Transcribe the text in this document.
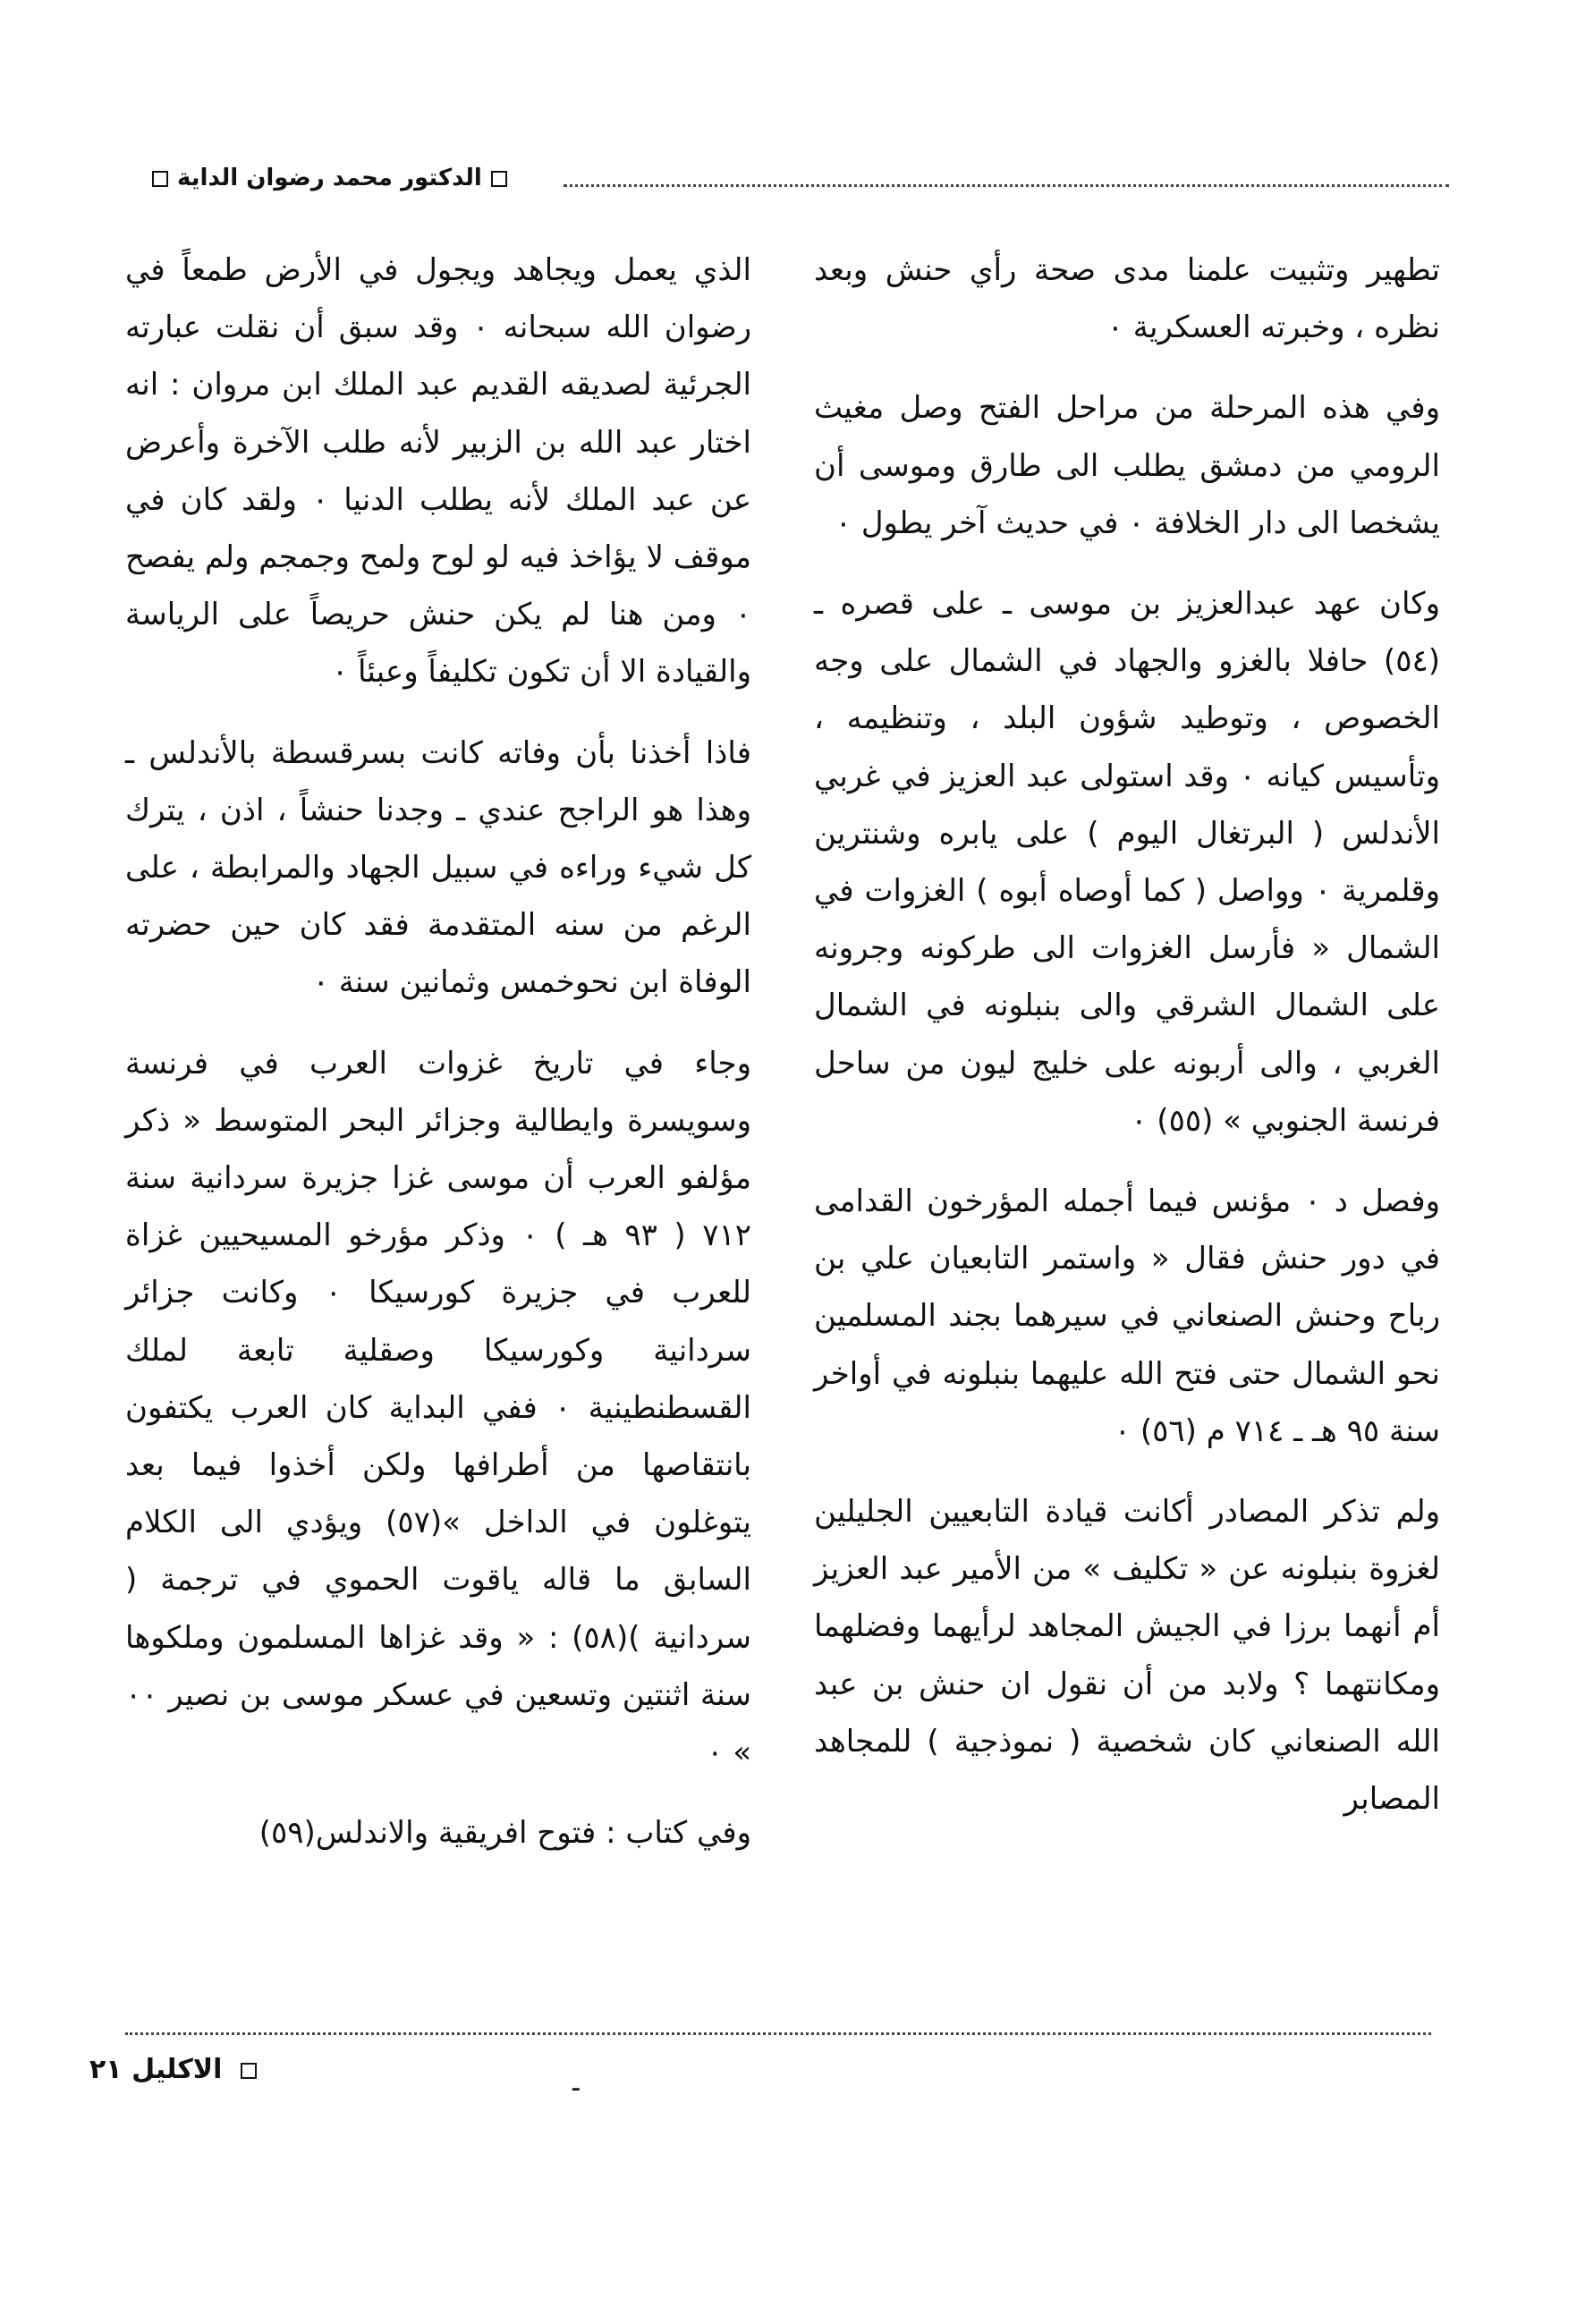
الدكتور محمد رضوان الداية

تطهير وتثبيت علمنا مدى صحة رأي حنش وبعد نظره ، وخبرته العسكرية ٠

وفي هذه المرحلة من مراحل الفتح وصل مغيث الرومي من دمشق يطلب الى طارق وموسى أن يشخصا الى دار الخلافة ٠ في حديث آخر يطول ٠

وكان عهد عبدالعزيز بن موسى ـ على قصره ـ (٥٤) حافلا بالغزو والجهاد في الشمال على وجه الخصوص ، وتوطيد شؤون البلد ، وتنظيمه ، وتأسيس كيانه ٠ وقد استولى عبد العزيز في غربي الأندلس ( البرتغال اليوم ) على يابره وشنترين وقلمرية ٠ وواصل ( كما أوصاه أبوه ) الغزوات في الشمال « فأرسل الغزوات الى طركونه وجرونه على الشمال الشرقي والى بنبلونه في الشمال الغربي ، والى أربونه على خليج ليون من ساحل فرنسة الجنوبي » (٥٥) ٠

وفصل د ٠ مؤنس فيما أجمله المؤرخون القدامى في دور حنش فقال « واستمر التابعيان علي بن رباح وحنش الصنعاني في سيرهما بجند المسلمين نحو الشمال حتى فتح الله عليهما بنبلونه في أواخر سنة ٩٥ هـ ـ ٧١٤ م (٥٦) ٠

ولم تذكر المصادر أكانت قيادة التابعيين الجليلين لغزوة بنبلونه عن « تكليف » من الأمير عبد العزيز أم أنهما برزا في الجيش المجاهد لرأيهما وفضلهما ومكانتهما ؟ ولابد من أن نقول ان حنش بن عبد الله الصنعاني كان شخصية ( نموذجية ) للمجاهد المصابر

الذي يعمل ويجاهد ويجول في الأرض طمعاً في رضوان الله سبحانه ٠ وقد سبق أن نقلت عبارته الجرئية لصديقه القديم عبد الملك ابن مروان : انه اختار عبد الله بن الزبير لأنه طلب الآخرة وأعرض عن عبد الملك لأنه يطلب الدنيا ٠ ولقد كان في موقف لا يؤاخذ فيه لو لوح ولمح وجمجم ولم يفصح ٠ ومن هنا لم يكن حنش حريصاً على الرياسة والقيادة الا أن تكون تكليفاً وعبئاً ٠

فاذا أخذنا بأن وفاته كانت بسرقسطة بالأندلس ـ وهذا هو الراجح عندي ـ وجدنا حنشاً ، اذن ، يترك كل شيء وراءه في سبيل الجهاد والمرابطة ، على الرغم من سنه المتقدمة فقد كان حين حضرته الوفاة ابن نحوخمس وثمانين سنة ٠

وجاء في تاريخ غزوات العرب في فرنسة وسويسرة وايطالية وجزائر البحر المتوسط « ذكر مؤلفو العرب أن موسى غزا جزيرة سردانية سنة ٧١٢ ( ٩٣ هـ ) ٠ وذكر مؤرخو المسيحيين غزاة للعرب في جزيرة كورسيكا ٠ وكانت جزائر سردانية وكورسيكا وصقلية تابعة لملك القسطنطينية ٠ ففي البداية كان العرب يكتفون بانتقاصها من أطرافها ولكن أخذوا فيما بعد يتوغلون في الداخل »(٥٧) ويؤدي الى الكلام السابق ما قاله ياقوت الحموي في ترجمة ( سردانية )(٥٨) : « وقد غزاها المسلمون وملكوها سنة اثنتين وتسعين في عسكر موسى بن نصير ٠٠ » ٠

وفي كتاب : فتوح افريقية والاندلس(٥٩)

الاكليل ٢١	ـ
